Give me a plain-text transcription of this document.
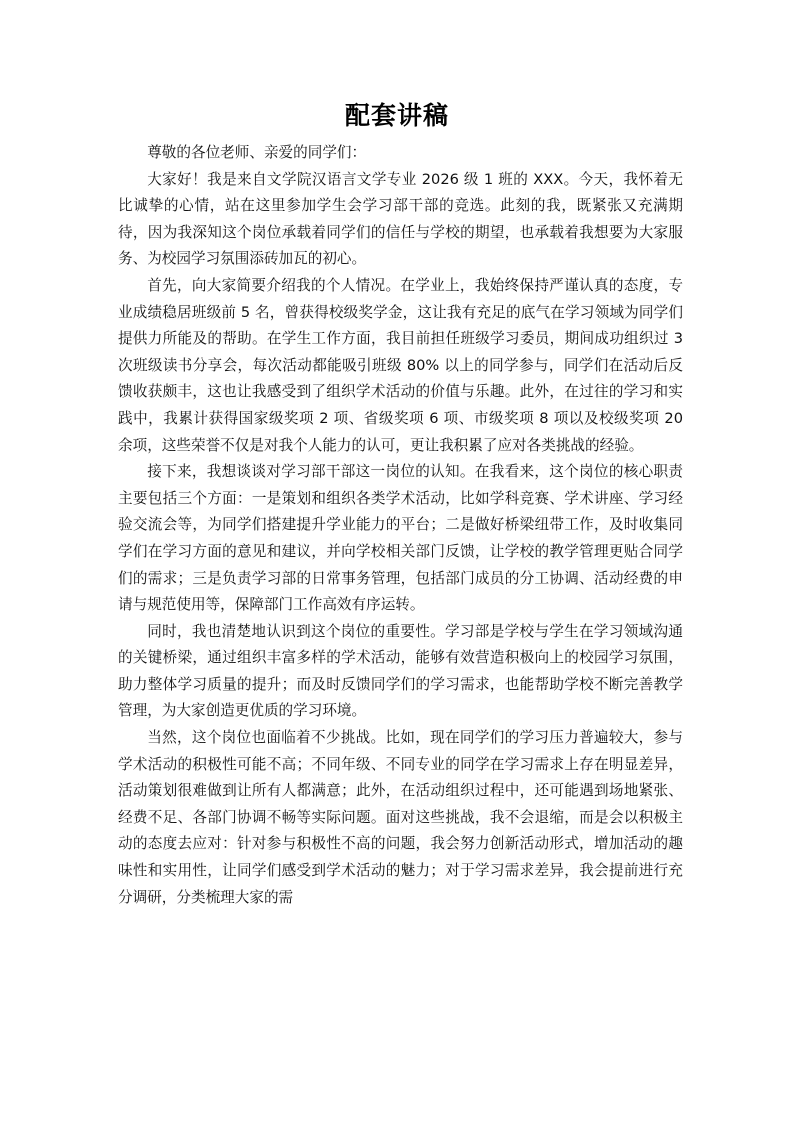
配套讲稿

尊敬的各位老师、亲爱的同学们：

大家好！我是来自文学院汉语言文学专业 2026 级 1 班的 XXX。今天，我怀着无比诚挚的心情，站在这里参加学生会学习部干部的竞选。此刻的我，既紧张又充满期待，因为我深知这个岗位承载着同学们的信任与学校的期望，也承载着我想要为大家服务、为校园学习氛围添砖加瓦的初心。

首先，向大家简要介绍我的个人情况。在学业上，我始终保持严谨认真的态度，专业成绩稳居班级前 5 名，曾获得校级奖学金，这让我有充足的底气在学习领域为同学们提供力所能及的帮助。在学生工作方面，我目前担任班级学习委员，期间成功组织过 3 次班级读书分享会，每次活动都能吸引班级 80% 以上的同学参与，同学们在活动后反馈收获颇丰，这也让我感受到了组织学术活动的价值与乐趣。此外，在过往的学习和实践中，我累计获得国家级奖项 2 项、省级奖项 6 项、市级奖项 8 项以及校级奖项 20 余项，这些荣誉不仅是对我个人能力的认可，更让我积累了应对各类挑战的经验。

接下来，我想谈谈对学习部干部这一岗位的认知。在我看来，这个岗位的核心职责主要包括三个方面：一是策划和组织各类学术活动，比如学科竞赛、学术讲座、学习经验交流会等，为同学们搭建提升学业能力的平台；二是做好桥梁纽带工作，及时收集同学们在学习方面的意见和建议，并向学校相关部门反馈，让学校的教学管理更贴合同学们的需求；三是负责学习部的日常事务管理，包括部门成员的分工协调、活动经费的申请与规范使用等，保障部门工作高效有序运转。

同时，我也清楚地认识到这个岗位的重要性。学习部是学校与学生在学习领域沟通的关键桥梁，通过组织丰富多样的学术活动，能够有效营造积极向上的校园学习氛围，助力整体学习质量的提升；而及时反馈同学们的学习需求，也能帮助学校不断完善教学管理，为大家创造更优质的学习环境。

当然，这个岗位也面临着不少挑战。比如，现在同学们的学习压力普遍较大，参与学术活动的积极性可能不高；不同年级、不同专业的同学在学习需求上存在明显差异，活动策划很难做到让所有人都满意；此外，在活动组织过程中，还可能遇到场地紧张、经费不足、各部门协调不畅等实际问题。面对这些挑战，我不会退缩，而是会以积极主动的态度去应对：针对参与积极性不高的问题，我会努力创新活动形式，增加活动的趣味性和实用性，让同学们感受到学术活动的魅力；对于学习需求差异，我会提前进行充分调研，分类梳理大家的需
